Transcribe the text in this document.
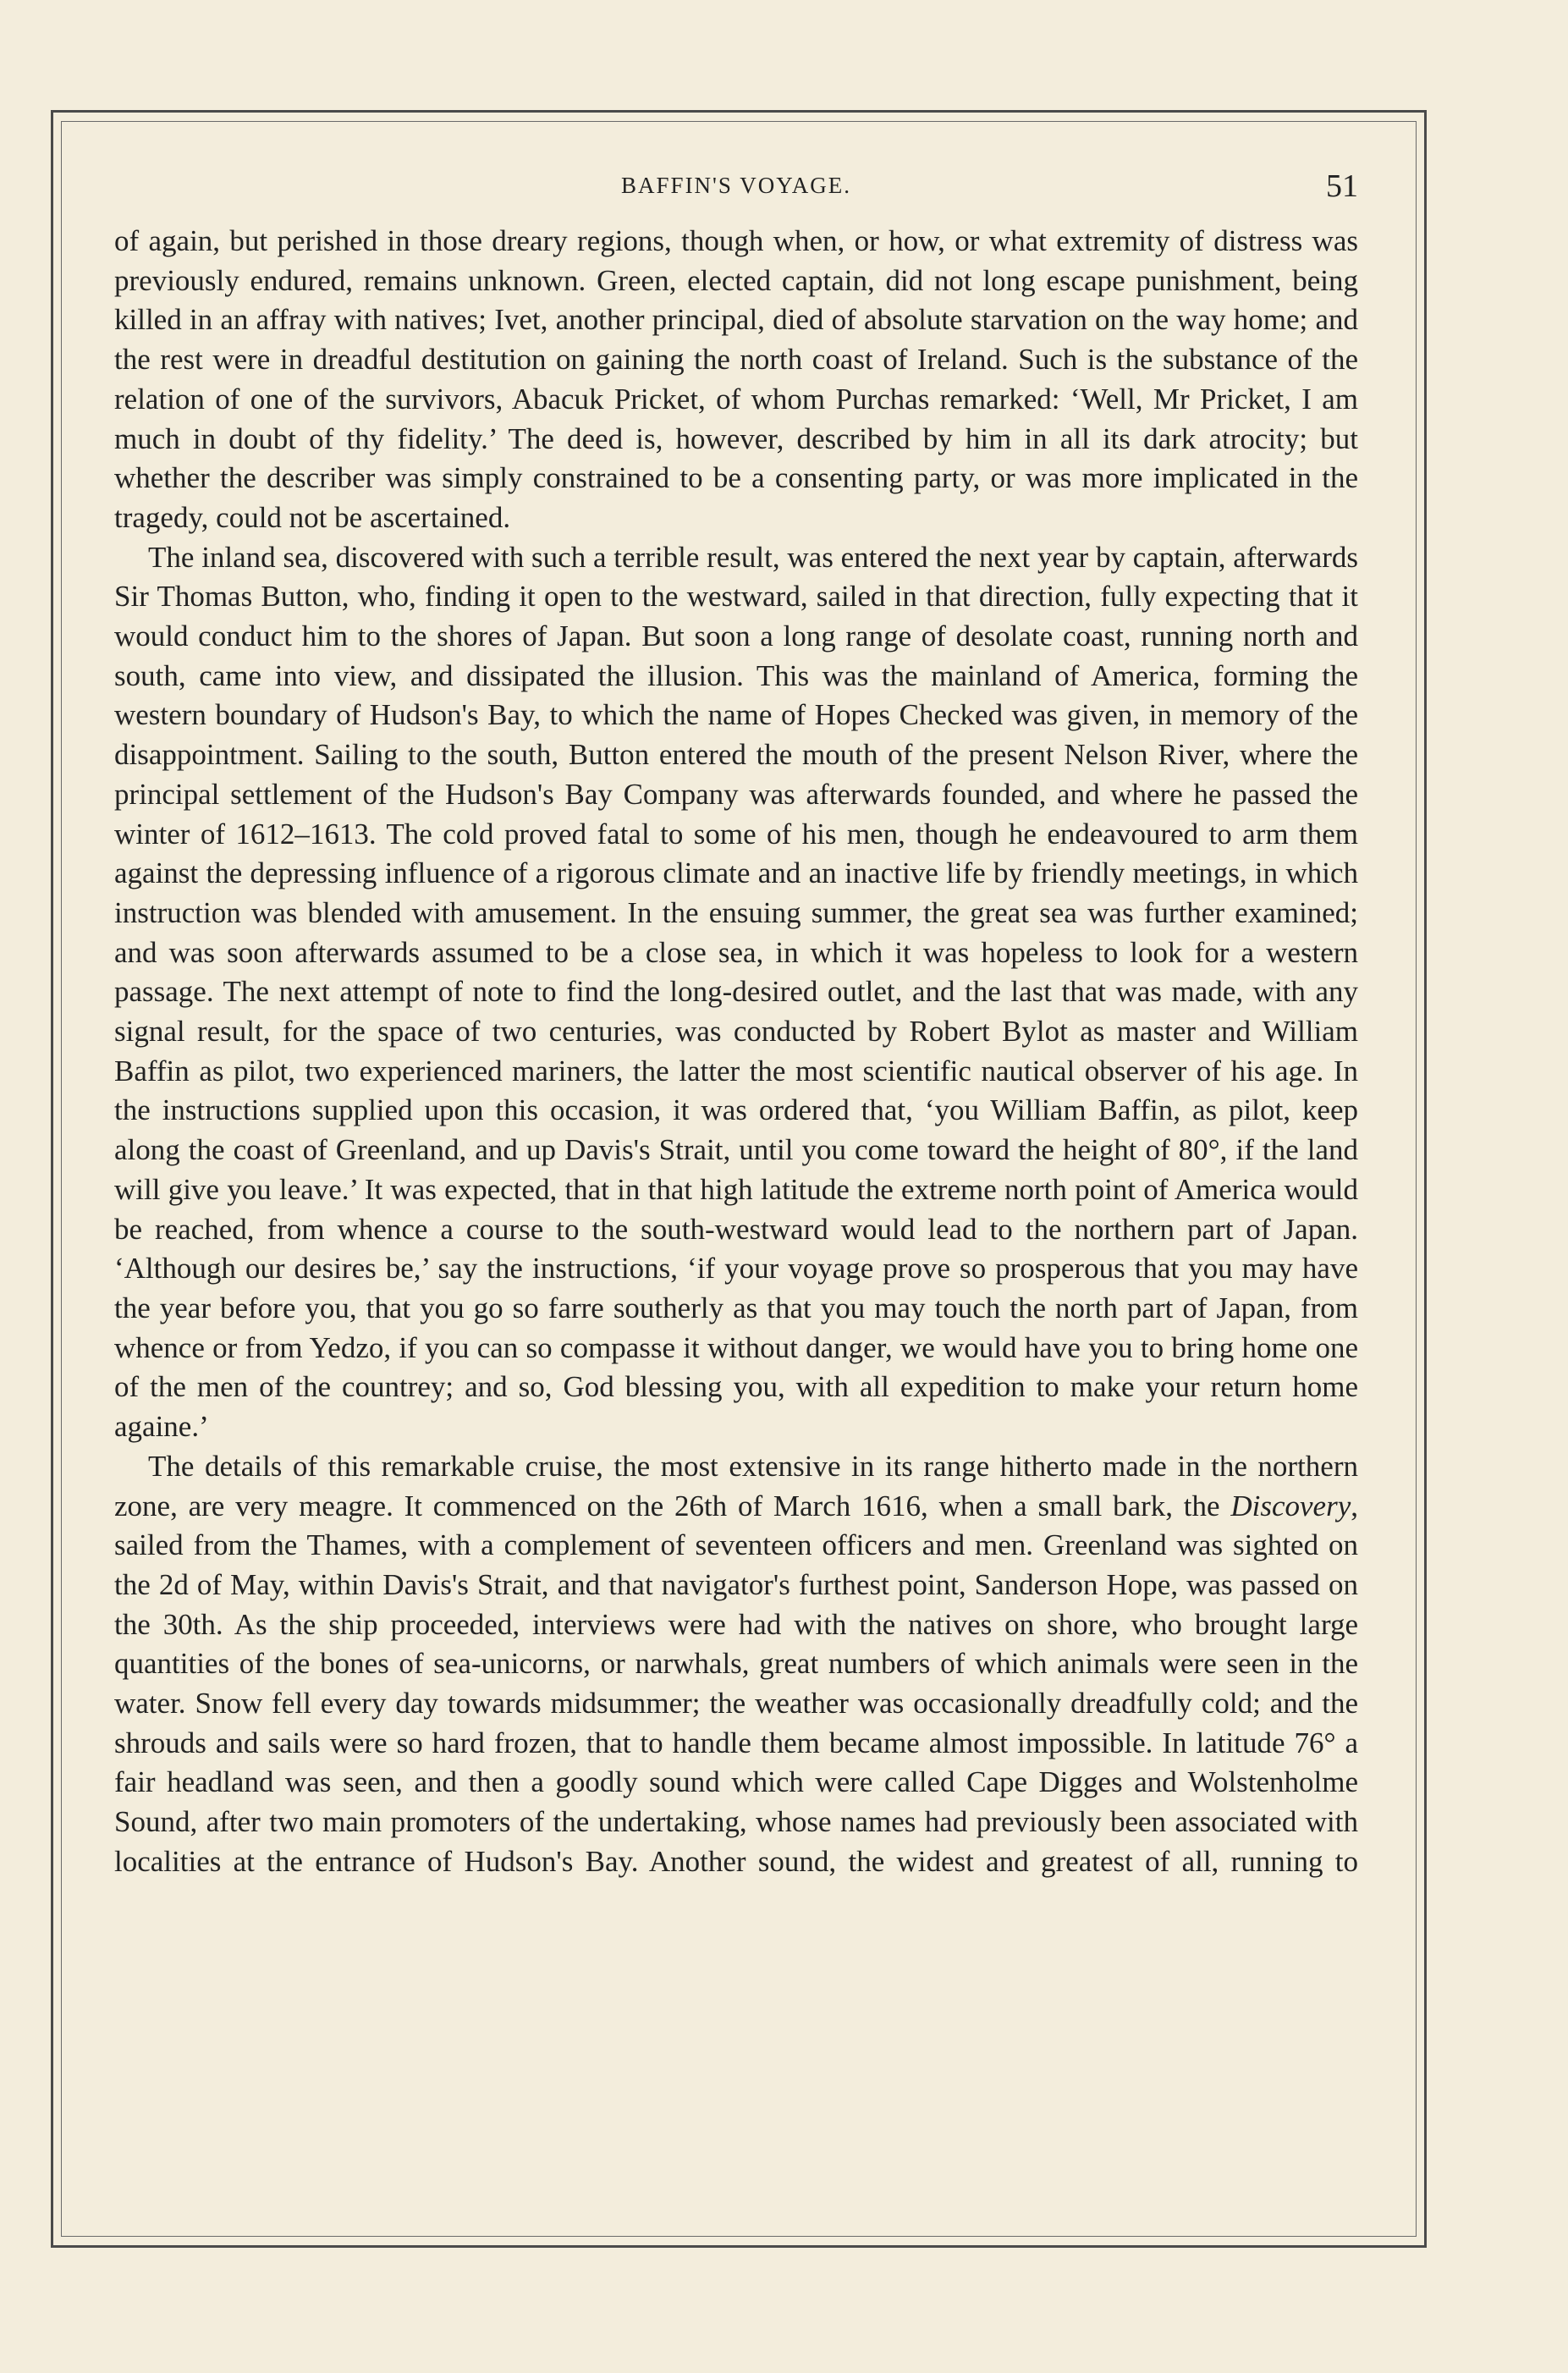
BAFFIN'S VOYAGE.	51

of again, but perished in those dreary regions, though when, or how, or what extremity of distress was previously endured, remains unknown. Green, elected captain, did not long escape punishment, being killed in an affray with natives; Ivet, another principal, died of absolute starvation on the way home; and the rest were in dreadful destitution on gaining the north coast of Ireland. Such is the substance of the relation of one of the survivors, Abacuk Pricket, of whom Purchas remarked: ‘Well, Mr Pricket, I am much in doubt of thy fidelity.’ The deed is, however, described by him in all its dark atrocity; but whether the describer was simply constrained to be a consenting party, or was more implicated in the tragedy, could not be ascertained.

The inland sea, discovered with such a terrible result, was entered the next year by captain, afterwards Sir Thomas Button, who, finding it open to the westward, sailed in that direction, fully expecting that it would conduct him to the shores of Japan. But soon a long range of desolate coast, running north and south, came into view, and dissipated the illusion. This was the mainland of America, forming the western boundary of Hudson's Bay, to which the name of Hopes Checked was given, in memory of the disappointment. Sailing to the south, Button entered the mouth of the present Nelson River, where the principal settlement of the Hudson's Bay Company was afterwards founded, and where he passed the winter of 1612–1613. The cold proved fatal to some of his men, though he endeavoured to arm them against the depressing influence of a rigorous climate and an inactive life by friendly meetings, in which instruction was blended with amusement. In the ensuing summer, the great sea was further examined; and was soon afterwards assumed to be a close sea, in which it was hopeless to look for a western passage. The next attempt of note to find the long-desired outlet, and the last that was made, with any signal result, for the space of two centuries, was conducted by Robert Bylot as master and William Baffin as pilot, two experienced mariners, the latter the most scientific nautical observer of his age. In the instructions supplied upon this occasion, it was ordered that, ‘you William Baffin, as pilot, keep along the coast of Greenland, and up Davis's Strait, until you come toward the height of 80°, if the land will give you leave.’ It was expected, that in that high latitude the extreme north point of America would be reached, from whence a course to the south-westward would lead to the northern part of Japan. ‘Although our desires be,’ say the instructions, ‘if your voyage prove so prosperous that you may have the year before you, that you go so farre southerly as that you may touch the north part of Japan, from whence or from Yedzo, if you can so compasse it without danger, we would have you to bring home one of the men of the countrey; and so, God blessing you, with all expedition to make your return home againe.’

The details of this remarkable cruise, the most extensive in its range hitherto made in the northern zone, are very meagre. It commenced on the 26th of March 1616, when a small bark, the Discovery, sailed from the Thames, with a complement of seventeen officers and men. Greenland was sighted on the 2d of May, within Davis's Strait, and that navigator's furthest point, Sanderson Hope, was passed on the 30th. As the ship proceeded, interviews were had with the natives on shore, who brought large quantities of the bones of sea-unicorns, or narwhals, great numbers of which animals were seen in the water. Snow fell every day towards midsummer; the weather was occasionally dreadfully cold; and the shrouds and sails were so hard frozen, that to handle them became almost impossible. In latitude 76° a fair headland was seen, and then a goodly sound which were called Cape Digges and Wolstenholme Sound, after two main promoters of the undertaking, whose names had previously been associated with localities at the entrance of Hudson's Bay. Another sound, the widest and greatest of all, running to
